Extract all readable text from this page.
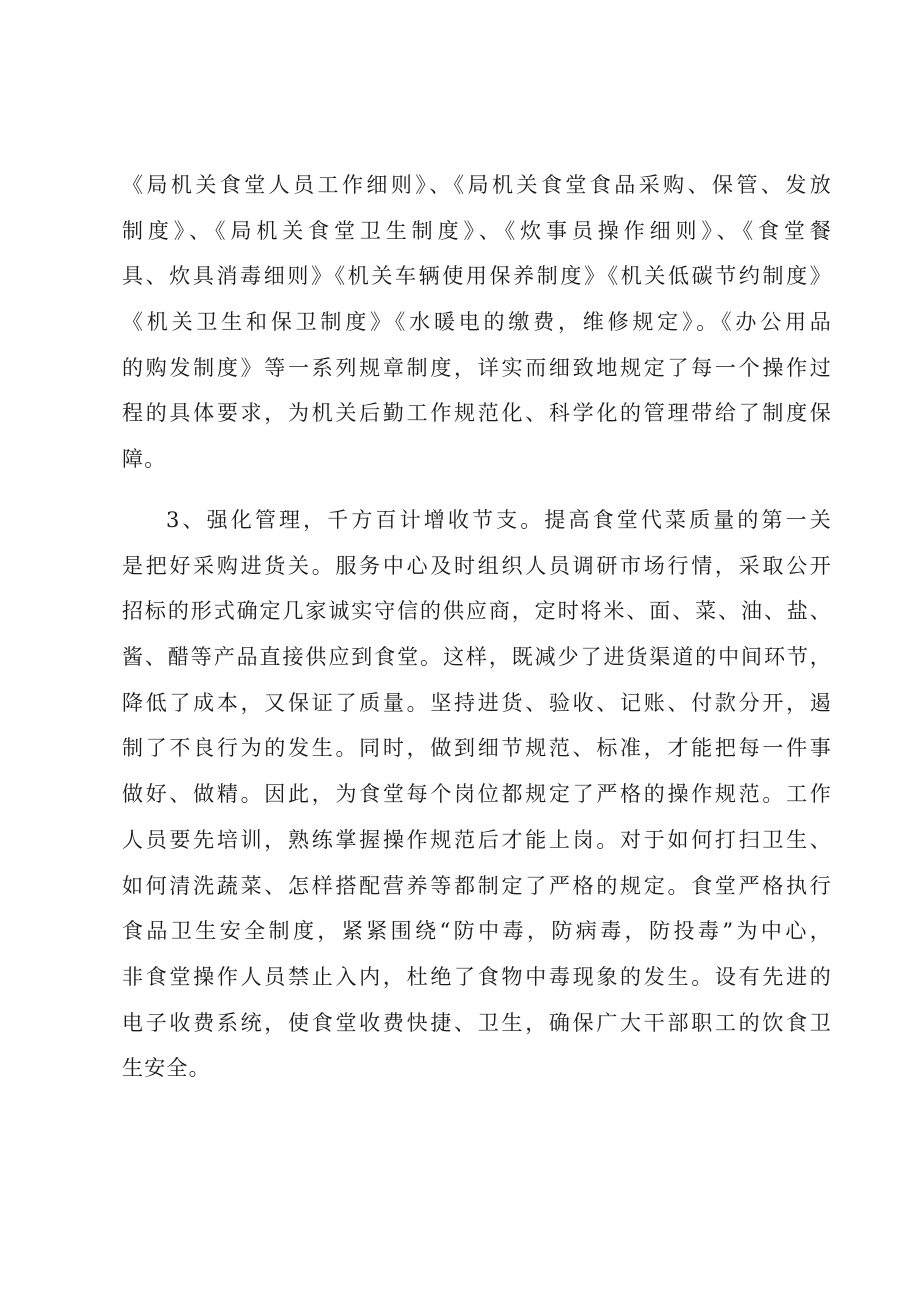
《局机关食堂人员工作细则》、《局机关食堂食品采购、保管、发放
制度》、《局机关食堂卫生制度》、《炊事员操作细则》、《食堂餐
具、炊具消毒细则》《机关车辆使用保养制度》《机关低碳节约制度》
《机关卫生和保卫制度》《水暖电的缴费，维修规定》。《办公用品
的购发制度》等一系列规章制度，详实而细致地规定了每一个操作过
程的具体要求，为机关后勤工作规范化、科学化的管理带给了制度保
障。
3、强化管理，千方百计增收节支。提高食堂代菜质量的第一关
是把好采购进货关。服务中心及时组织人员调研市场行情，采取公开
招标的形式确定几家诚实守信的供应商，定时将米、面、菜、油、盐、
酱、醋等产品直接供应到食堂。这样，既减少了进货渠道的中间环节，
降低了成本，又保证了质量。坚持进货、验收、记账、付款分开，遏
制了不良行为的发生。同时，做到细节规范、标准，才能把每一件事
做好、做精。因此，为食堂每个岗位都规定了严格的操作规范。工作
人员要先培训，熟练掌握操作规范后才能上岗。对于如何打扫卫生、
如何清洗蔬菜、怎样搭配营养等都制定了严格的规定。食堂严格执行
食品卫生安全制度，紧紧围绕“防中毒，防病毒，防投毒”为中心，
非食堂操作人员禁止入内，杜绝了食物中毒现象的发生。设有先进的
电子收费系统，使食堂收费快捷、卫生，确保广大干部职工的饮食卫
生安全。
